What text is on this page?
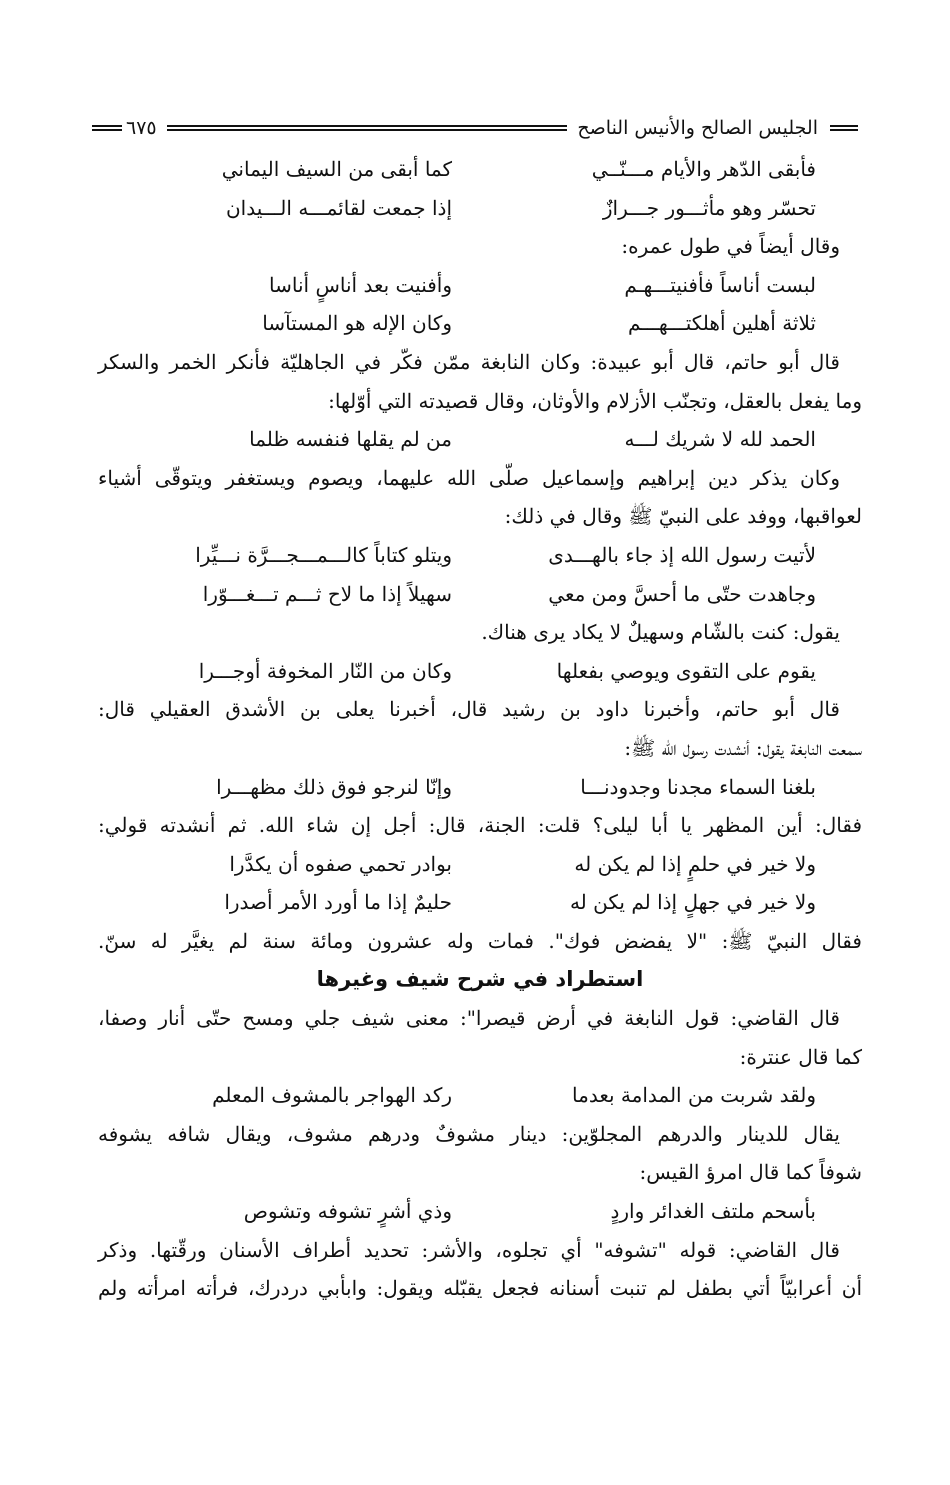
الجليس الصالح والأنيس الناصح
٦٧٥
فأبقى الدّهر والأيام مـــنّــي
كما أبقى من السيف اليماني
تحسّر وهو مأثـــور جـــرازٌ
إذا جمعت لقائمـــه الـــيدان
وقال أيضاً في طول عمره:
لبست أناساً فأفنيتـــهـم
وأفنيت بعد أناسٍ أناسا
ثلاثة أهلين أهلكتـــهـــم
وكان الإله هو المستآسا
قال أبو حاتم، قال أبو عبيدة: وكان النابغة ممّن فكّر في الجاهليّة فأنكر الخمر والسكر
وما يفعل بالعقل، وتجنّب الأزلام والأوثان، وقال قصيدته التي أوّلها:
الحمد لله لا شريك لـــه
من لم يقلها فنفسه ظلما
وكان يذكر دين إبراهيم وإسماعيل صلّى الله عليهما، ويصوم ويستغفر ويتوقّى أشياء
لعواقبها، ووفد على النبيّ ﷺ وقال في ذلك:
لأتيت رسول الله إذ جاء بالهـــدى
ويتلو كتاباً كالـــمـــجـــرَّة نـــيِّرا
وجاهدت حتّى ما أحسَّ ومن معي
سهيلاً إذا ما لاح ثـــم تـــغـــوّرا
يقول: كنت بالشّام وسهيلٌ لا يكاد يرى هناك.
يقوم على التقوى ويوصي بفعلها
وكان من النّار المخوفة أوجـــرا
قال أبو حاتم، وأخبرنا داود بن رشيد قال، أخبرنا يعلى بن الأشدق العقيلي قال:
سمعت النابغة يقول: أنشدت رسول الله ﷺ:
بلغنا السماء مجدنا وجدودنـــا
وإنّا لنرجو فوق ذلك مظهـــرا
فقال: أين المظهر يا أبا ليلى؟ قلت: الجنة، قال: أجل إن شاء الله. ثم أنشدته قولي:
ولا خير في حلمٍ إذا لم يكن له
بوادر تحمي صفوه أن يكدَّرا
ولا خير في جهلٍ إذا لم يكن له
حليمٌ إذا ما أورد الأمر أصدرا
فقال النبيّ ﷺ: "لا يفضض فوك". فمات وله عشرون ومائة سنة لم يغيَّر له سنّ.
استطراد في شرح شيف وغيرها
قال القاضي: قول النابغة في أرض قيصرا": معنى شيف جلي ومسح حتّى أنار وصفا،
كما قال عنترة:
ولقد شربت من المدامة بعدما
ركد الهواجر بالمشوف المعلم
يقال للدينار والدرهم المجلوّين: دينار مشوفٌ ودرهم مشوف، ويقال شافه يشوفه
شوفاً كما قال امرؤ القيس:
بأسحم ملتف الغدائر واردٍ
وذي أشرٍ تشوفه وتشوص
قال القاضي: قوله "تشوفه" أي تجلوه، والأشر: تحديد أطراف الأسنان ورقّتها. وذكر
أن أعرابيّاً أتي بطفل لم تنبت أسنانه فجعل يقبّله ويقول: وابأبي دردرك، فرأته امرأته ولم
